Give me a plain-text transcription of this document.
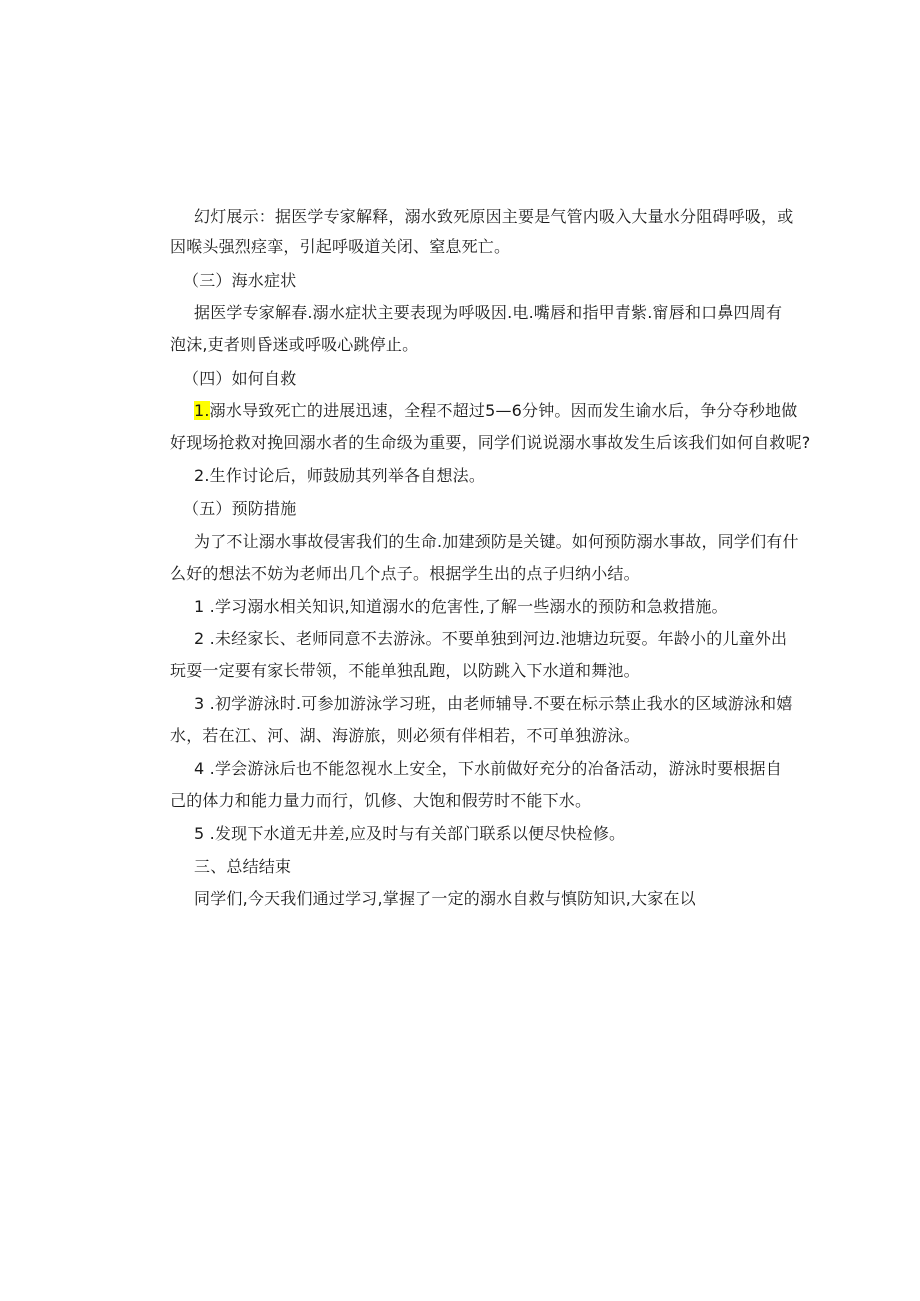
幻灯展示：据医学专家解释，溺水致死原因主要是气管内吸入大量水分阻碍呼吸，或
因喉头强烈痉挛，引起呼吸道关闭、窒息死亡。
（三）海水症状
据医学专家解春.溺水症状主要表现为呼吸因.电.嘴唇和指甲青紫.甯唇和口鼻四周有
泡沫,吏者则昏迷或呼吸心跳停止。
（四）如何自救
1.溺水导致死亡的进展迅速，全程不超过5—6分钟。因而发生谕水后，争分夺秒地做
好现场抢救对挽回溺水者的生命级为重要，同学们说说溺水事故发生后该我们如何自救呢?
2.生作讨论后，师鼓励其列举各自想法。
（五）预防措施
为了不让溺水事故侵害我们的生命.加建颈防是关键。如何预防溺水事故，同学们有什
么好的想法不妨为老师出几个点子。根据学生出的点子归纳小结。
1 .学习溺水相关知识,知道溺水的危害性,了解一些溺水的预防和急救措施。
2 .未经家长、老师同意不去游泳。不要单独到河边.池塘边玩耍。年龄小的儿童外出
玩耍一定要有家长带领，不能单独乱跑，以防跳入下水道和舞池。
3 .初学游泳时.可参加游泳学习班，由老师辅导.不要在标示禁止我水的区域游泳和嬉
水，若在江、河、湖、海游旅，则必须有伴相若，不可单独游泳。
4 .学会游泳后也不能忽视水上安全，下水前做好充分的冶备活动，游泳时要根据自
己的体力和能力量力而行，饥修、大饱和假劳时不能下水。
5 .发现下水道无井差,应及时与有关部门联系以便尽快检修。
三、总结结束
同学们,今天我们通过学习,掌握了一定的溺水自救与慎防知识,大家在以
